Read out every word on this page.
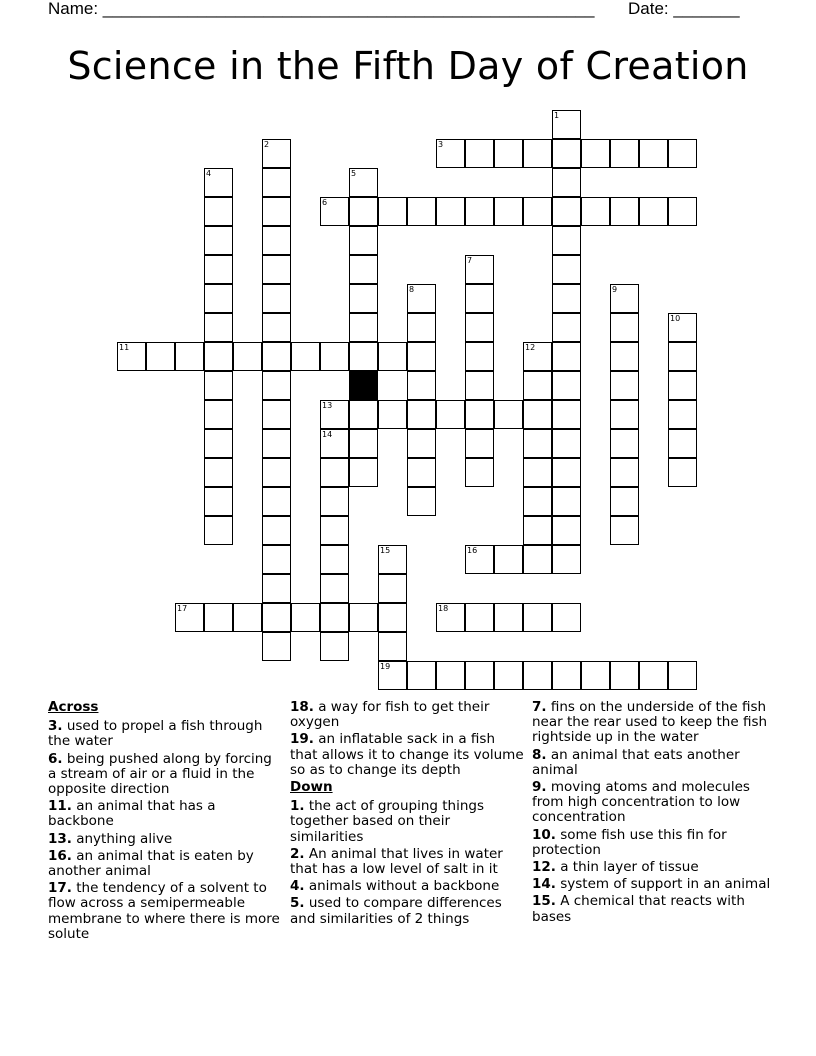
Name: ____________________________________________________ Date: _______
Science in the Fifth Day of Creation
1
2	3
4	5
6
7
8	9
10
11	12
13
14
15	16
17	18
19
Across
3. used to propel a fish through the water
6. being pushed along by forcing a stream of air or a fluid in the opposite direction
11. an animal that has a backbone
13. anything alive
16. an animal that is eaten by another animal
17. the tendency of a solvent to flow across a semipermeable membrane to where there is more solute
18. a way for fish to get their oxygen
19. an inflatable sack in a fish that allows it to change its volume so as to change its depth
Down
1. the act of grouping things together based on their similarities
2. An animal that lives in water that has a low level of salt in it
4. animals without a backbone
5. used to compare differences and similarities of 2 things
7. fins on the underside of the fish near the rear used to keep the fish rightside up in the water
8. an animal that eats another animal
9. moving atoms and molecules from high concentration to low concentration
10. some fish use this fin for protection
12. a thin layer of tissue
14. system of support in an animal
15. A chemical that reacts with bases
